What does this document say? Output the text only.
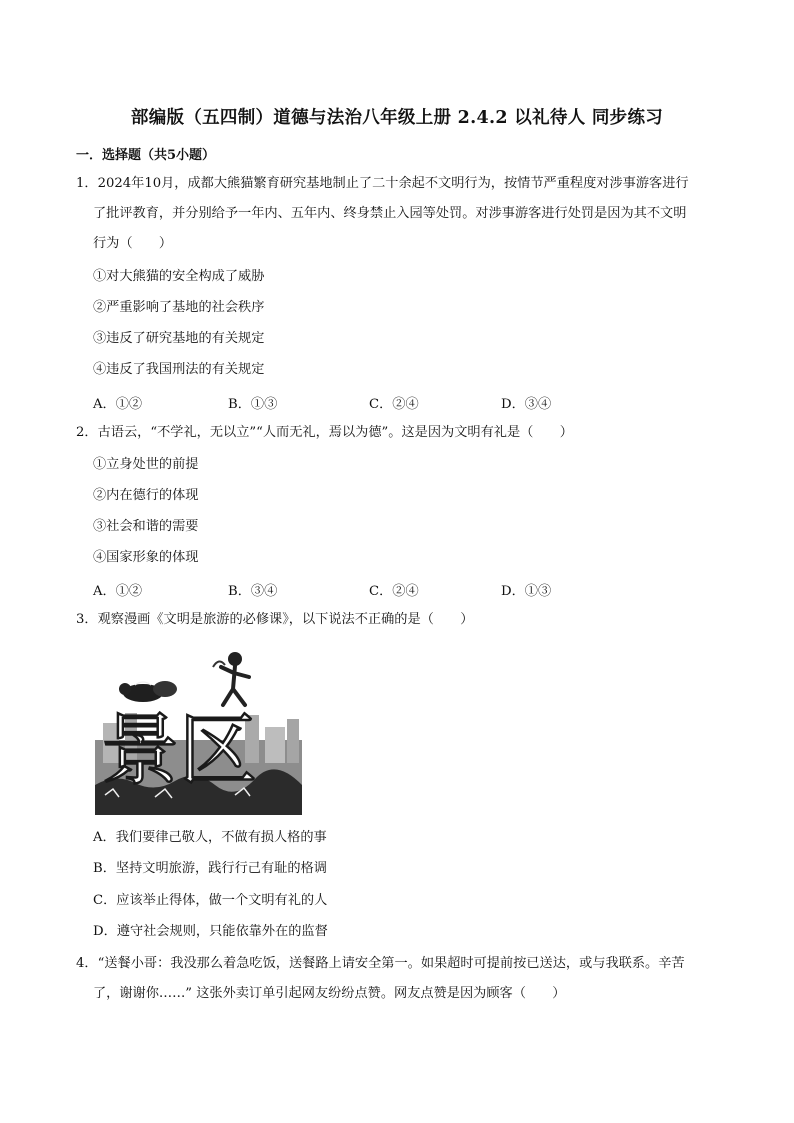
部编版（五四制）道德与法治八年级上册 2.4.2 以礼待人 同步练习
一．选择题（共5小题）
1．2024年10月，成都大熊猫繁育研究基地制止了二十余起不文明行为，按情节严重程度对涉事游客进行
了批评教育，并分别给予一年内、五年内、终身禁止入园等处罚。对涉事游客进行处罚是因为其不文明
行为（　　）
①对大熊猫的安全构成了威胁
②严重影响了基地的社会秩序
③违反了研究基地的有关规定
④违反了我国刑法的有关规定
A．①②	B．①③	C．②④	D．③④
2．古语云，“不学礼，无以立”“人而无礼，焉以为德”。这是因为文明有礼是（　　）
①立身处世的前提
②内在德行的体现
③社会和谐的需要
④国家形象的体现
A．①②	B．③④	C．②④	D．①③
3．观察漫画《文明是旅游的必修课》，以下说法不正确的是（　　）
景区
A．我们要律己敬人，不做有损人格的事
B．坚持文明旅游，践行行己有耻的格调
C．应该举止得体，做一个文明有礼的人
D．遵守社会规则，只能依靠外在的监督
4．“送餐小哥：我没那么着急吃饭，送餐路上请安全第一。如果超时可提前按已送达，或与我联系。辛苦
了，谢谢你……” 这张外卖订单引起网友纷纷点赞。网友点赞是因为顾客（　　）
